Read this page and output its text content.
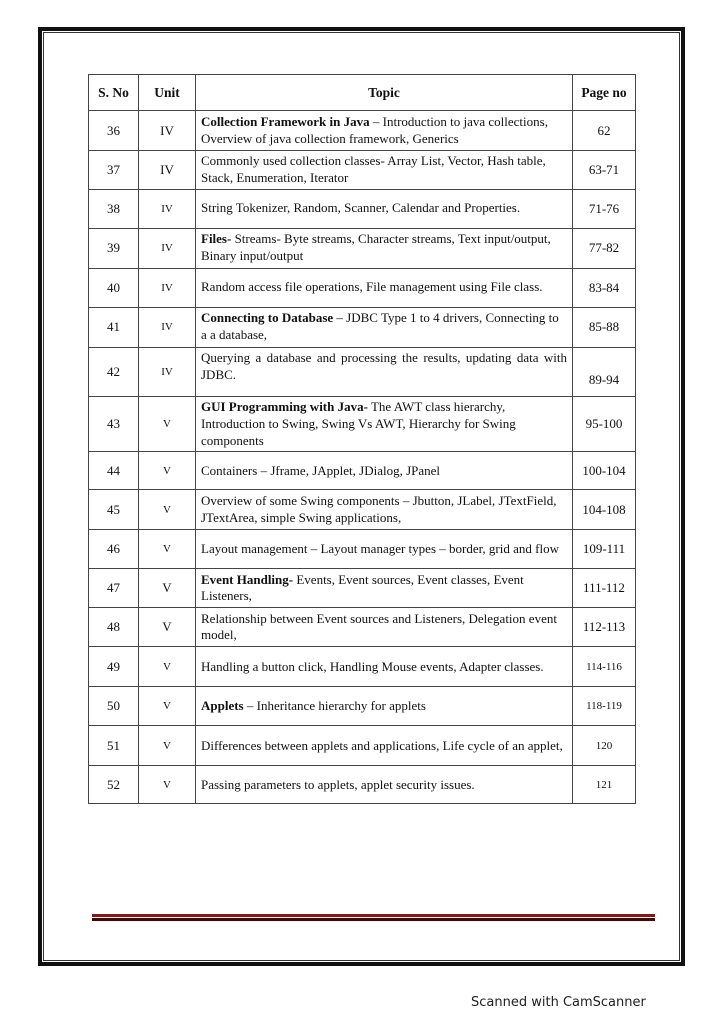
S. No	Unit	Topic	Page no
36	IV	Collection Framework in Java – Introduction to java collections, Overview of java collection framework, Generics	62
37	IV	Commonly used collection classes- Array List, Vector, Hash table, Stack, Enumeration, Iterator	63-71
38	IV	String Tokenizer, Random, Scanner, Calendar and Properties.	71-76
39	IV	Files- Streams- Byte streams, Character streams, Text input/output, Binary input/output	77-82
40	IV	Random access file operations, File management using File class.	83-84
41	IV	Connecting to Database – JDBC Type 1 to 4 drivers, Connecting to a a database,	85-88
42	IV	Querying a database and processing the results, updating data with JDBC.	89-94
43	V	GUI Programming with Java- The AWT class hierarchy, Introduction to Swing, Swing Vs AWT, Hierarchy for Swing components	95-100
44	V	Containers – Jframe, JApplet, JDialog, JPanel	100-104
45	V	Overview of some Swing components – Jbutton, JLabel, JTextField, JTextArea, simple Swing applications,	104-108
46	V	Layout management – Layout manager types – border, grid and flow	109-111
47	V	Event Handling- Events, Event sources, Event classes, Event Listeners,	111-112
48	V	Relationship between Event sources and Listeners, Delegation event model,	112-113
49	V	Handling a button click, Handling Mouse events, Adapter classes.	114-116
50	V	Applets – Inheritance hierarchy for applets	118-119
51	V	Differences between applets and applications, Life cycle of an applet,	120
52	V	Passing parameters to applets, applet security issues.	121
Scanned with CamScanner
